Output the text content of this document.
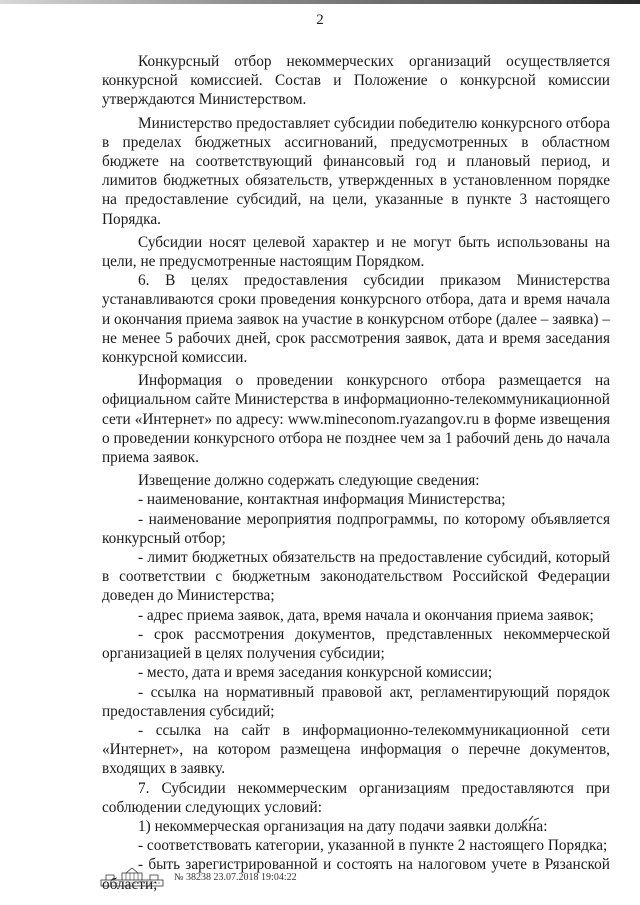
2

Конкурсный отбор некоммерческих организаций осуществляется конкурсной комиссией. Состав и Положение о конкурсной комиссии утверждаются Министерством.

Министерство предоставляет субсидии победителю конкурсного отбора в пределах бюджетных ассигнований, предусмотренных в областном бюджете на соответствующий финансовый год и плановый период, и лимитов бюджетных обязательств, утвержденных в установленном порядке на предоставление субсидий, на цели, указанные в пункте 3 настоящего Порядка.

Субсидии носят целевой характер и не могут быть использованы на цели, не предусмотренные настоящим Порядком.

6. В целях предоставления субсидии приказом Министерства устанавливаются сроки проведения конкурсного отбора, дата и время начала и окончания приема заявок на участие в конкурсном отборе (далее – заявка) – не менее 5 рабочих дней, срок рассмотрения заявок, дата и время заседания конкурсной комиссии.

Информация о проведении конкурсного отбора размещается на официальном сайте Министерства в информационно-телекоммуникационной сети «Интернет» по адресу: www.mineconom.ryazangov.ru в форме извещения о проведении конкурсного отбора не позднее чем за 1 рабочий день до начала приема заявок.

Извещение должно содержать следующие сведения:

- наименование, контактная информация Министерства;

- наименование мероприятия подпрограммы, по которому объявляется конкурсный отбор;

- лимит бюджетных обязательств на предоставление субсидий, который в соответствии с бюджетным законодательством Российской Федерации доведен до Министерства;

- адрес приема заявок, дата, время начала и окончания приема заявок;

- срок рассмотрения документов, представленных некоммерческой организацией в целях получения субсидии;

- место, дата и время заседания конкурсной комиссии;

- ссылка на нормативный правовой акт, регламентирующий порядок предоставления субсидий;

- ссылка на сайт в информационно-телекоммуникационной сети «Интернет», на котором размещена информация о перечне документов, входящих в заявку.

7. Субсидии некоммерческим организациям предоставляются при соблюдении следующих условий:

1) некоммерческая организация на дату подачи заявки должна:

- соответствовать категории, указанной в пункте 2 настоящего Порядка;

- быть зарегистрированной и состоять на налоговом учете в Рязанской области;	№ 38238 23.07.2018 19:04:22
